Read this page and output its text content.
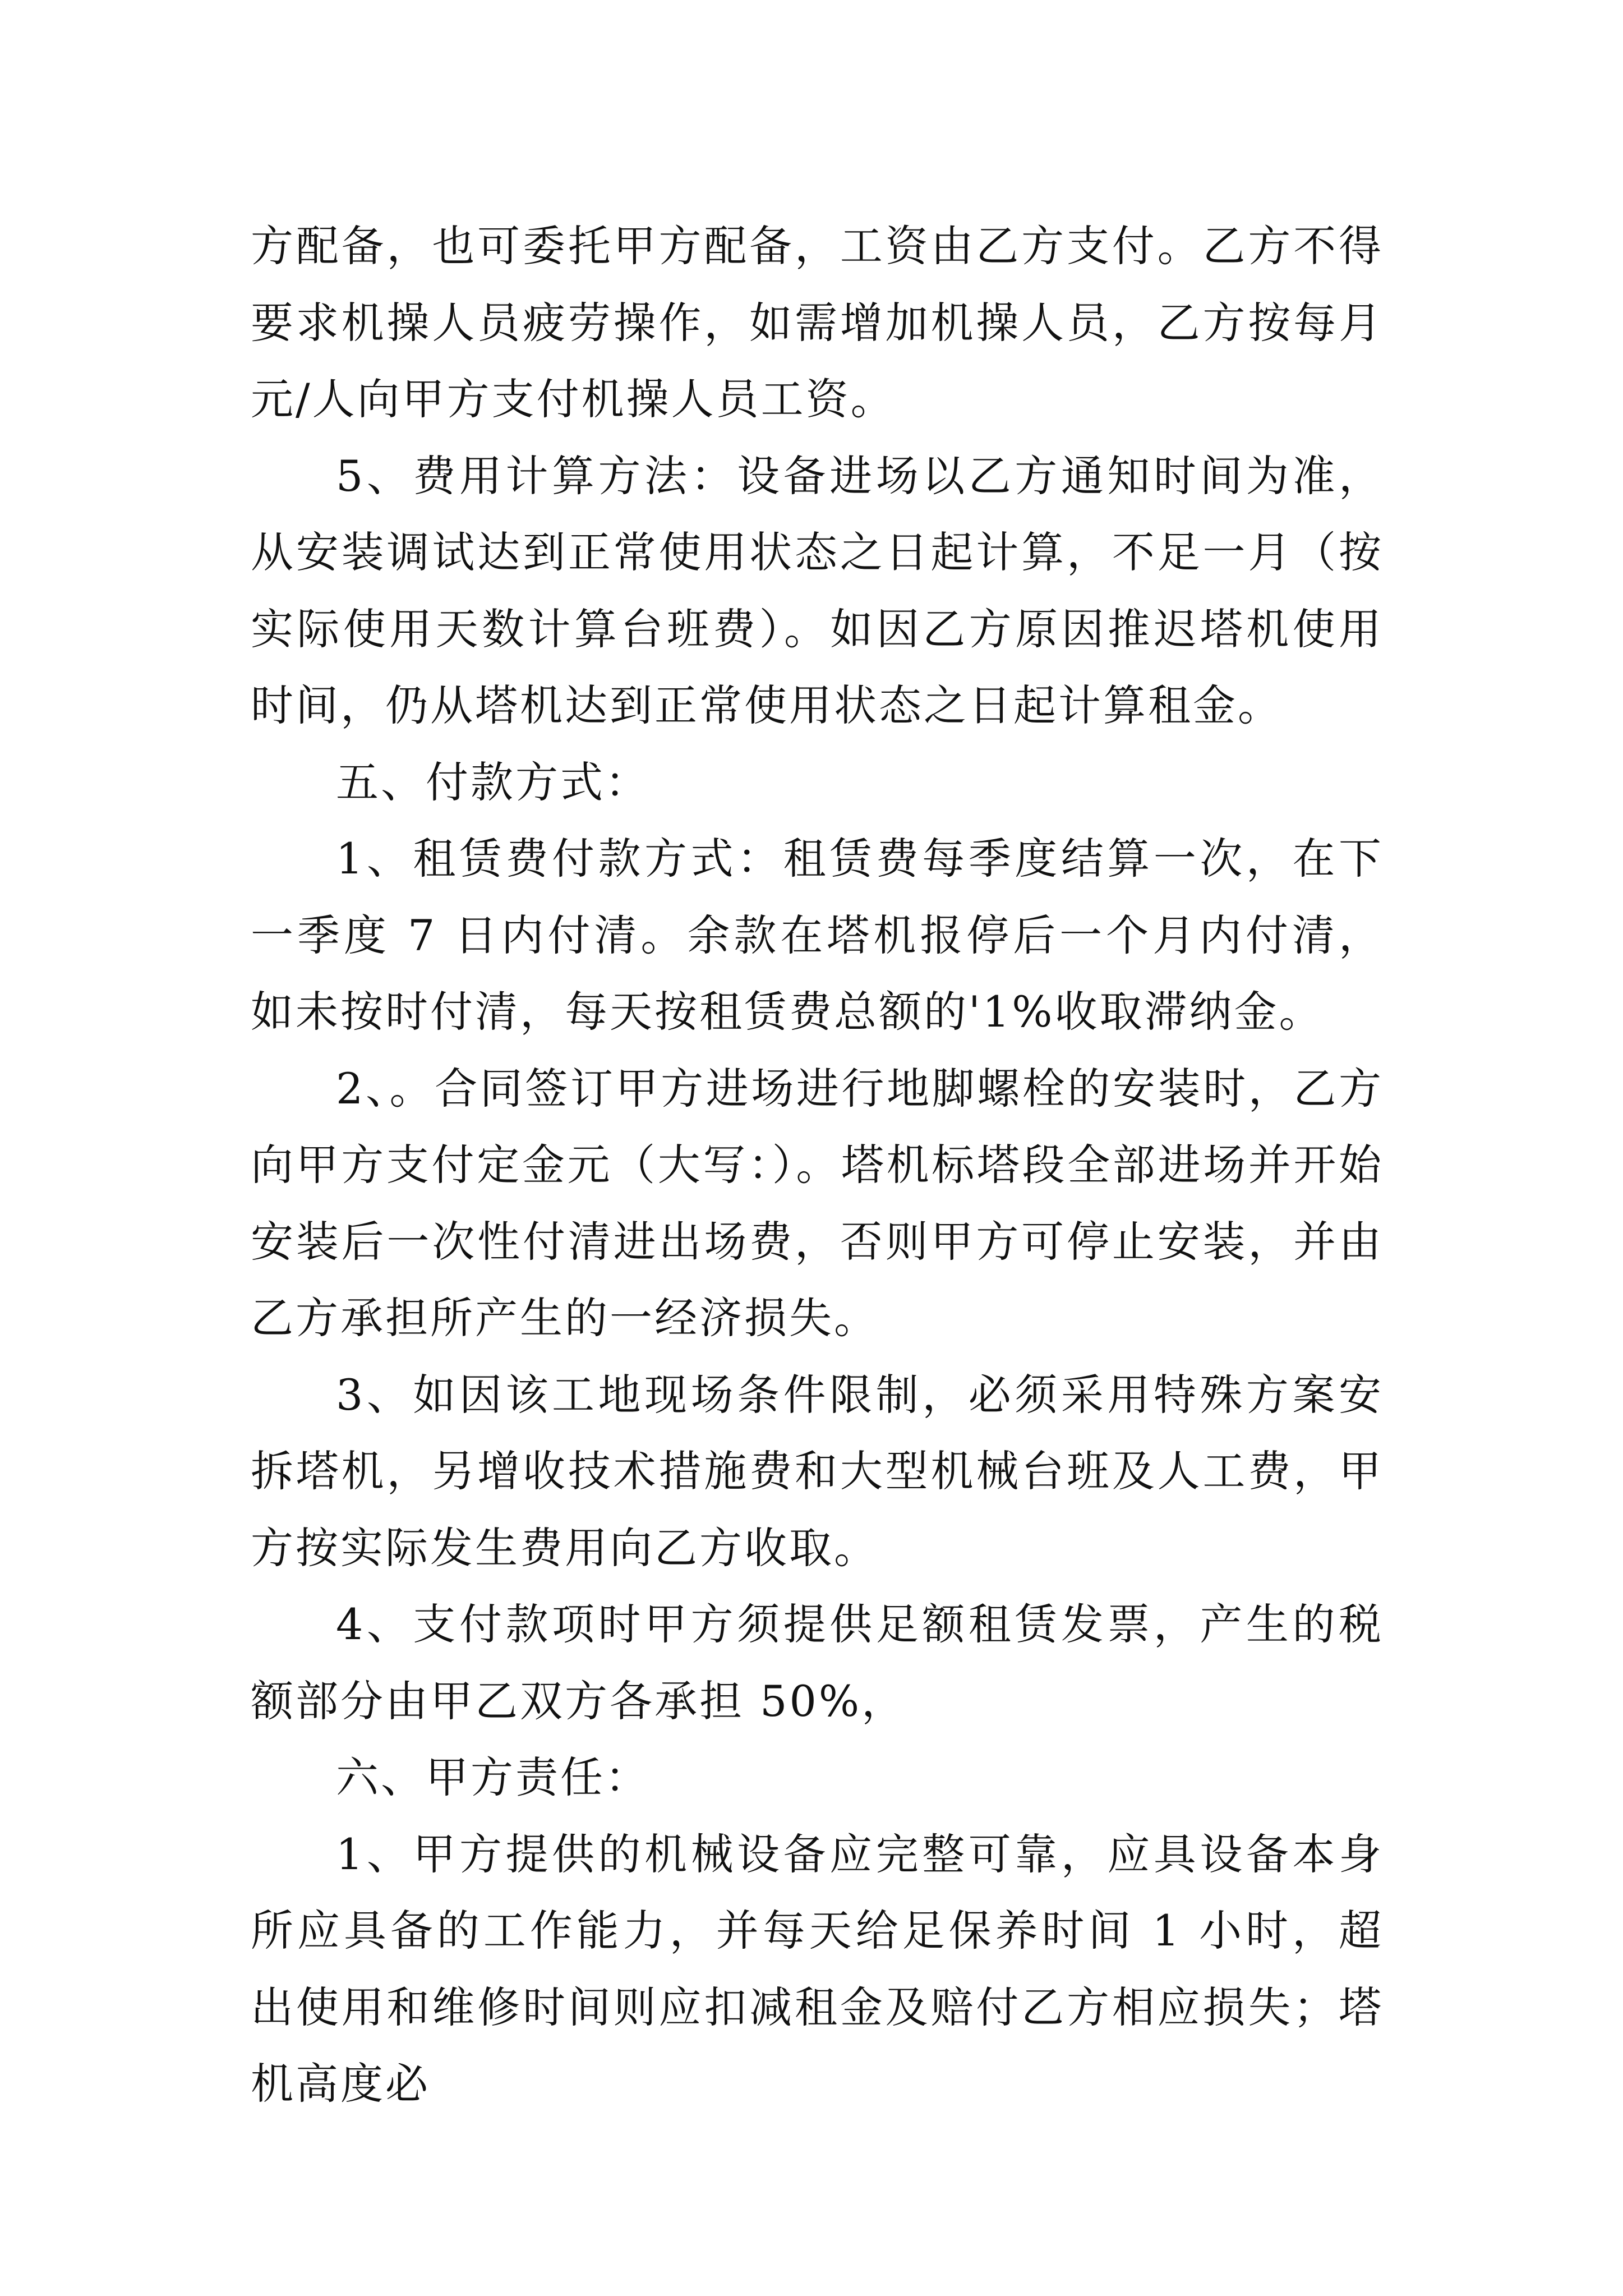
方配备，也可委托甲方配备，工资由乙方支付。乙方不得要求机操人员疲劳操作，如需增加机操人员，乙方按每月元/人向甲方支付机操人员工资。

5、费用计算方法：设备进场以乙方通知时间为准，从安装调试达到正常使用状态之日起计算，不足一月（按实际使用天数计算台班费）。如因乙方原因推迟塔机使用时间，仍从塔机达到正常使用状态之日起计算租金。

五、付款方式：

1、租赁费付款方式：租赁费每季度结算一次，在下一季度 7 日内付清。余款在塔机报停后一个月内付清，如未按时付清，每天按租赁费总额的'1%收取滞纳金。

2、。合同签订甲方进场进行地脚螺栓的安装时，乙方向甲方支付定金元（大写：）。塔机标塔段全部进场并开始安装后一次性付清进出场费，否则甲方可停止安装，并由乙方承担所产生的一经济损失。

3、如因该工地现场条件限制，必须采用特殊方案安拆塔机，另增收技术措施费和大型机械台班及人工费，甲方按实际发生费用向乙方收取。

4、支付款项时甲方须提供足额租赁发票，产生的税额部分由甲乙双方各承担 50%，

六、甲方责任：

1、甲方提供的机械设备应完整可靠，应具设备本身所应具备的工作能力，并每天给足保养时间 1 小时，超出使用和维修时间则应扣减租金及赔付乙方相应损失；塔机高度必
